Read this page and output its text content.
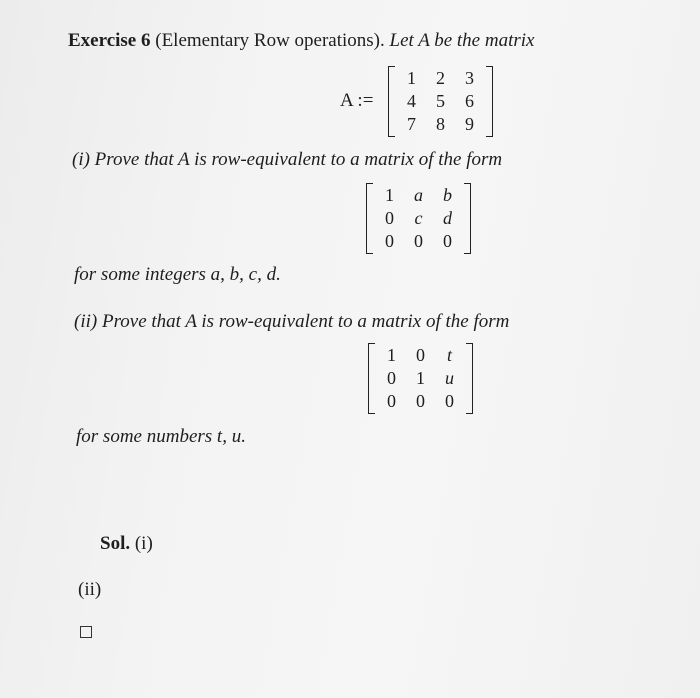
Exercise 6 (Elementary Row operations). Let A be the matrix
A :=
1	2	3
4	5	6
7	8	9
(i) Prove that A is row-equivalent to a matrix of the form
1	a	b
0	c	d
0	0	0
for some integers a, b, c, d.
(ii) Prove that A is row-equivalent to a matrix of the form
1	0	t
0	1	u
0	0	0
for some numbers t, u.
Sol. (i)
(ii)
